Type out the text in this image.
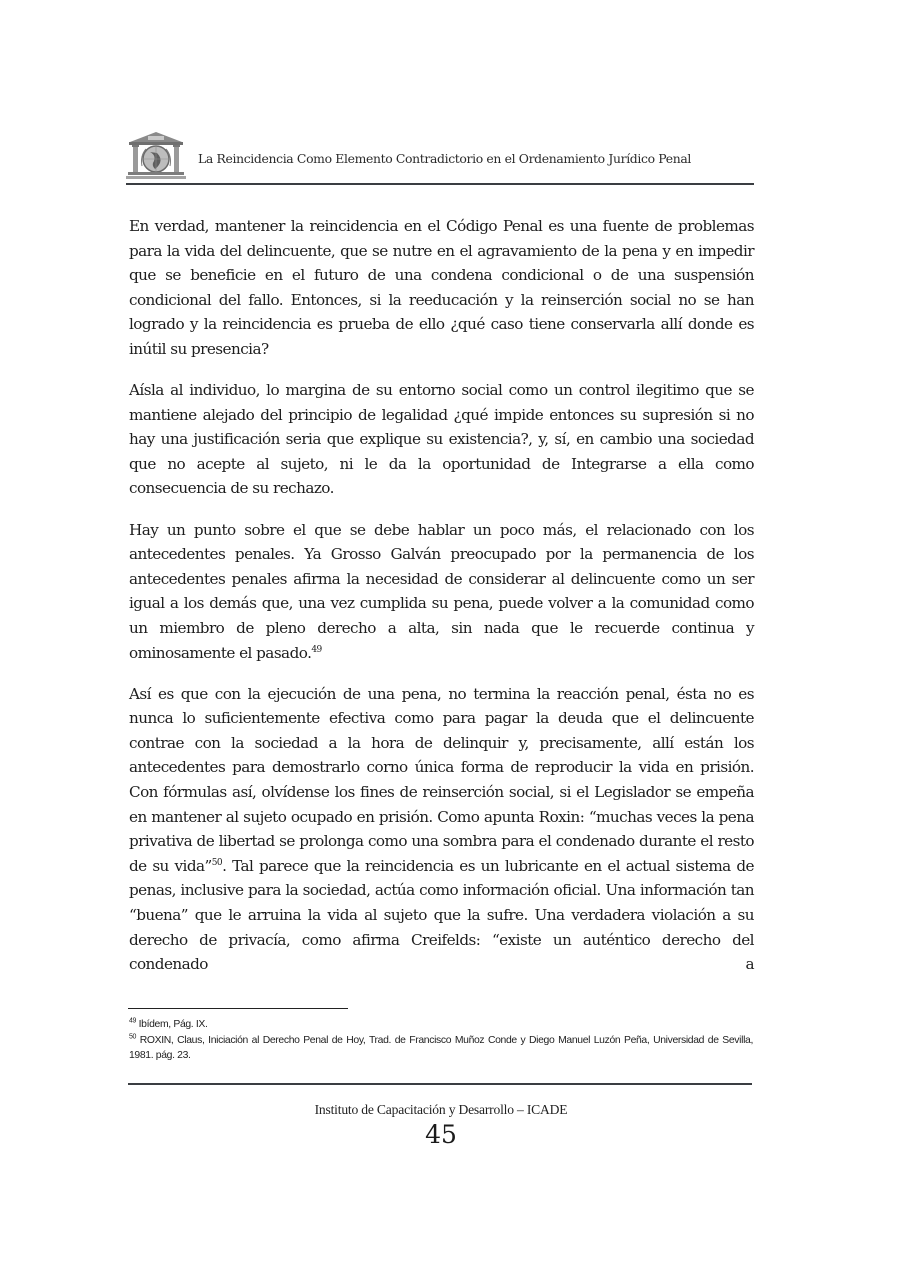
La Reincidencia Como Elemento Contradictorio en el Ordenamiento Jurídico Penal

En verdad, mantener la reincidencia en el Código Penal es una fuente de problemas para la vida del delincuente, que se nutre en el agravamiento de la pena y en impedir que se beneficie en el futuro de una condena condicional o de una suspensión condicional del fallo. Entonces, si la reeducación y la reinserción social no se han logrado y la reincidencia es prueba de ello ¿qué caso tiene conservarla allí donde es inútil su presencia?

Aísla al individuo, lo margina de su entorno social como un control ilegitimo que se mantiene alejado del principio de legalidad ¿qué impide entonces su supresión si no hay una justificación seria que explique su existencia?, y, sí, en cambio una sociedad que no acepte al sujeto, ni le da la oportunidad de Integrarse a ella como consecuencia de su rechazo.

Hay un punto sobre el que se debe hablar un poco más, el relacionado con los antecedentes penales. Ya Grosso Galván preocupado por la permanencia de los antecedentes penales afirma la necesidad de considerar al delincuente como un ser igual a los demás que, una vez cumplida su pena, puede volver a la comunidad como un miembro de pleno derecho a alta, sin nada que le recuerde continua y ominosamente el pasado.$^{49}$

Así es que con la ejecución de una pena, no termina la reacción penal, ésta no es nunca lo suficientemente efectiva como para pagar la deuda que el delincuente contrae con la sociedad a la hora de delinquir y, precisamente, allí están los antecedentes para demostrarlo corno única forma de reproducir la vida en prisión. Con fórmulas así, olvídense los fines de reinserción social, si el Legislador se empeña en mantener al sujeto ocupado en prisión. Como apunta Roxin: “muchas veces la pena privativa de libertad se prolonga como una sombra para el condenado durante el resto de su vida”$^{50}$. Tal parece que la reincidencia es un lubricante en el actual sistema de penas, inclusive para la sociedad, actúa como información oficial. Una información tan “buena” que le arruina la vida al sujeto que la sufre. Una verdadera violación a su derecho de privacía, como afirma Creifelds: “existe un auténtico derecho del condenado a

$^{49}$ Ibídem, Pág. IX.

$^{50}$ ROXIN, Claus, Iniciación al Derecho Penal de Hoy, Trad. de Francisco Muñoz Conde y Diego Manuel Luzón Peña, Universidad de Sevilla, 1981. pág. 23.

Instituto de Capacitación y Desarrollo – ICADE
45
